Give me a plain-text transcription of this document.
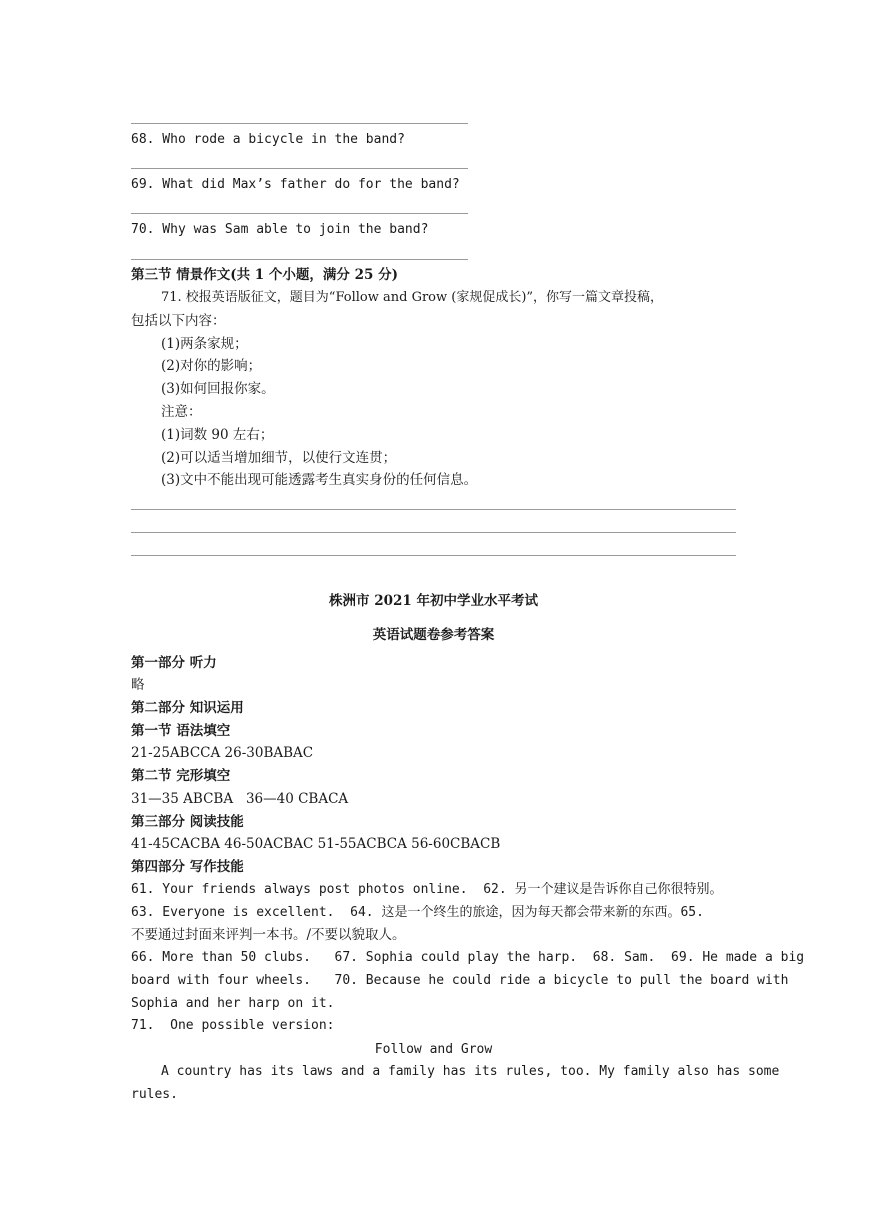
68. Who rode a bicycle in the band?
69. What did Max’s father do for the band?
70. Why was Sam able to join the band?
第三节 情景作文(共 1 个小题，满分 25 分)
71. 校报英语版征文，题目为“Follow and Grow (家规促成长)”，你写一篇文章投稿，
包括以下内容：
(1)两条家规；
(2)对你的影响；
(3)如何回报你家。
注意：
(1)词数 90 左右；
(2)可以适当增加细节，以使行文连贯；
(3)文中不能出现可能透露考生真实身份的任何信息。
株洲市 2021 年初中学业水平考试
英语试题卷参考答案
第一部分 听力
略
第二部分 知识运用
第一节 语法填空
21-25ABCCA 26-30BABAC
第二节 完形填空
31—35 ABCBA   36—40 CBACA
第三部分 阅读技能
41-45CACBA 46-50ACBAC 51-55ACBCA 56-60CBACB
第四部分 写作技能
61. Your friends always post photos online.  62. 另一个建议是告诉你自己你很特别。
63. Everyone is excellent.  64. 这是一个终生的旅途，因为每天都会带来新的东西。65.
不要通过封面来评判一本书。/不要以貌取人。
66. More than 50 clubs.   67. Sophia could play the harp.  68. Sam.  69. He made a big
board with four wheels.   70. Because he could ride a bicycle to pull the board with
Sophia and her harp on it.
71.  One possible version:
Follow and Grow
A country has its laws and a family has its rules, too. My family also has some
rules.
